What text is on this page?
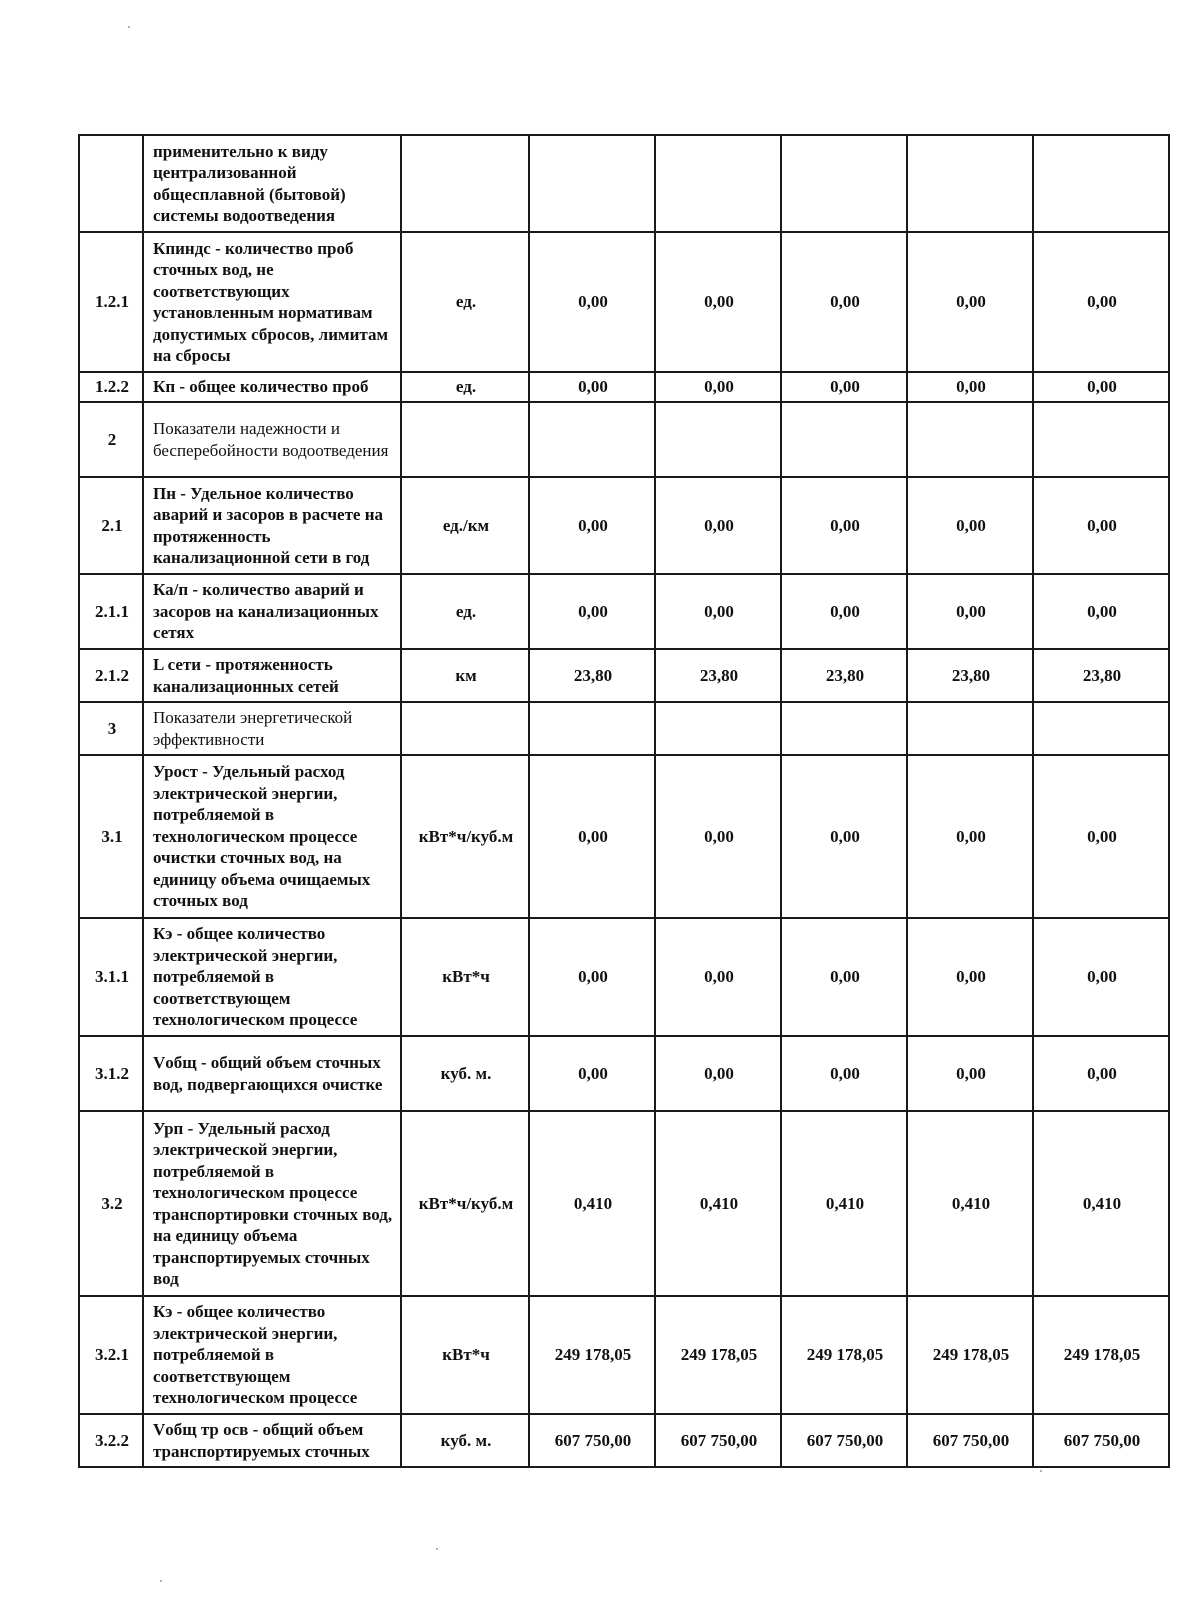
	применительно к виду централизованной общесплавной (бытовой) системы водоотведения						
1.2.1	Кпиндс - количество проб сточных вод, не соответствующих установленным нормативам допустимых сбросов, лимитам на сбросы	ед.	0,00	0,00	0,00	0,00	0,00
1.2.2	Кп - общее количество проб	ед.	0,00	0,00	0,00	0,00	0,00
2	Показатели надежности и бесперебойности водоотведения						
2.1	Пн - Удельное количество аварий и засоров в расчете на протяженность канализационной сети в год	ед./км	0,00	0,00	0,00	0,00	0,00
2.1.1	Ка/п - количество аварий и засоров на канализационных сетях	ед.	0,00	0,00	0,00	0,00	0,00
2.1.2	L сети - протяженность канализационных сетей	км	23,80	23,80	23,80	23,80	23,80
3	Показатели энергетической эффективности						
3.1	Урост - Удельный расход электрической энергии, потребляемой в технологическом процессе очистки сточных вод, на единицу объема очищаемых сточных вод	кВт*ч/куб.м	0,00	0,00	0,00	0,00	0,00
3.1.1	Кэ - общее количество электрической энергии, потребляемой в соответствующем технологическом процессе	кВт*ч	0,00	0,00	0,00	0,00	0,00
3.1.2	Vобщ - общий объем сточных вод, подвергающихся очистке	куб. м.	0,00	0,00	0,00	0,00	0,00
3.2	Урп - Удельный расход электрической энергии, потребляемой в технологическом процессе транспортировки сточных вод, на единицу объема транспортируемых сточных вод	кВт*ч/куб.м	0,410	0,410	0,410	0,410	0,410
3.2.1	Кэ - общее количество электрической энергии, потребляемой в соответствующем технологическом процессе	кВт*ч	249 178,05	249 178,05	249 178,05	249 178,05	249 178,05
3.2.2	Vобщ тр осв - общий объем транспортируемых сточных	куб. м.	607 750,00	607 750,00	607 750,00	607 750,00	607 750,00
